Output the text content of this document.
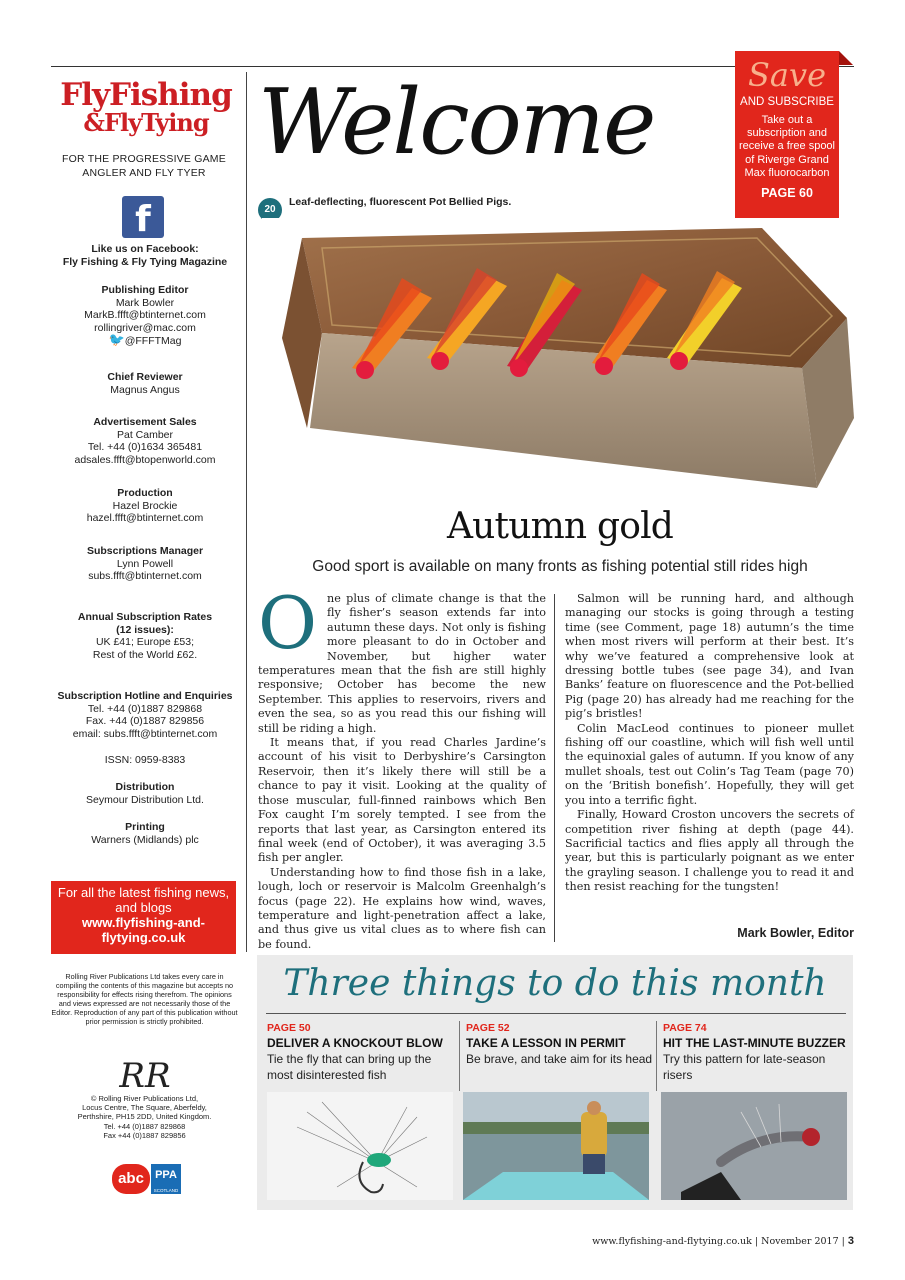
FlyFishing
&FlyTying
FOR THE PROGRESSIVE GAME ANGLER AND FLY TYER
f
Like us on Facebook:
Fly Fishing & Fly Tying Magazine
Publishing Editor
Mark Bowler
MarkB.ffft@btinternet.com
rollingriver@mac.com
🐦@FFFTMag
Chief Reviewer
Magnus Angus
Advertisement Sales
Pat Camber
Tel. +44 (0)1634 365481
adsales.ffft@btopenworld.com
Production
Hazel Brockie
hazel.ffft@btinternet.com
Subscriptions Manager
Lynn Powell
subs.ffft@btinternet.com
Annual Subscription Rates
(12 issues):
UK £41; Europe £53;
Rest of the World £62.
Subscription Hotline and Enquiries
Tel. +44 (0)1887 829868
Fax. +44 (0)1887 829856
email: subs.ffft@btinternet.com
ISSN: 0959-8383
Distribution
Seymour Distribution Ltd.
Printing
Warners (Midlands) plc
For all the latest fishing news, and blogs
www.flyfishing-and-flytying.co.uk
Rolling River Publications Ltd takes every care in compiling the contents of this magazine but accepts no responsibility for effects rising therefrom. The opinions and views expressed are not necessarily those of the Editor. Reproduction of any part of this publication without prior permission is strictly prohibited.
RR
© Rolling River Publications Ltd,
Locus Centre, The Square, Aberfeldy,
Perthshire, PH15 2DD, United Kingdom.
Tel. +44 (0)1887 829868
Fax +44 (0)1887 829856
abc	PPA
SCOTLAND
Welcome	Save
AND SUBSCRIBE
Take out a subscription and receive a free spool of Riverge Grand Max fluorocarbon
PAGE 60
20
Leaf-deflecting, fluorescent Pot Bellied Pigs.
Autumn gold
Good sport is available on many fronts as fishing potential still rides high

One plus of climate change is that the fly fisher’s season extends far into autumn these days. Not only is fishing more pleasant to do in October and November, but higher water temperatures mean that the fish are still highly responsive; October has become the new September. This applies to reservoirs, rivers and even the sea, so as you read this our fishing will still be riding a high.

It means that, if you read Charles Jardine’s account of his visit to Derbyshire’s Carsington Reservoir, then it’s likely there will still be a chance to pay it visit. Looking at the quality of those muscular, full-finned rainbows which Ben Fox caught I’m sorely tempted. I see from the reports that last year, as Carsington entered its final week (end of October), it was averaging 3.5 fish per angler.

Understanding how to find those fish in a lake, lough, loch or reservoir is Malcolm Greenhalgh’s focus (page 22). He explains how wind, waves, temperature and light-penetration affect a lake, and thus give us vital clues as to where fish can be found.

Salmon will be running hard, and although managing our stocks is going through a testing time (see Comment, page 18) autumn’s the time when most rivers will perform at their best. It’s why we’ve featured a comprehensive look at dressing bottle tubes (see page 34), and Ivan Banks’ feature on fluorescence and the Pot-bellied Pig (page 20) has already had me reaching for the pig’s bristles!

Colin MacLeod continues to pioneer mullet fishing off our coastline, which will fish well until the equinoxial gales of autumn. If you know of any mullet shoals, test out Colin’s Tag Team (page 70) on the ‘British bonefish’. Hopefully, they will get you into a terrific fight.

Finally, Howard Croston uncovers the secrets of competition river fishing at depth (page 44). Sacrificial tactics and flies apply all through the year, but this is particularly poignant as we enter the grayling season. I challenge you to read it and then resist reaching for the tungsten!

Mark Bowler, Editor
Three things to do this month
PAGE 50
DELIVER A KNOCKOUT BLOW
Tie the fly that can bring up the most disinterested fish
PAGE 52
TAKE A LESSON IN PERMIT
Be brave, and take aim for its head
PAGE 74
HIT THE LAST-MINUTE BUZZER
Try this pattern for late-season risers
www.flyfishing-and-flytying.co.uk | November 2017 | 3
